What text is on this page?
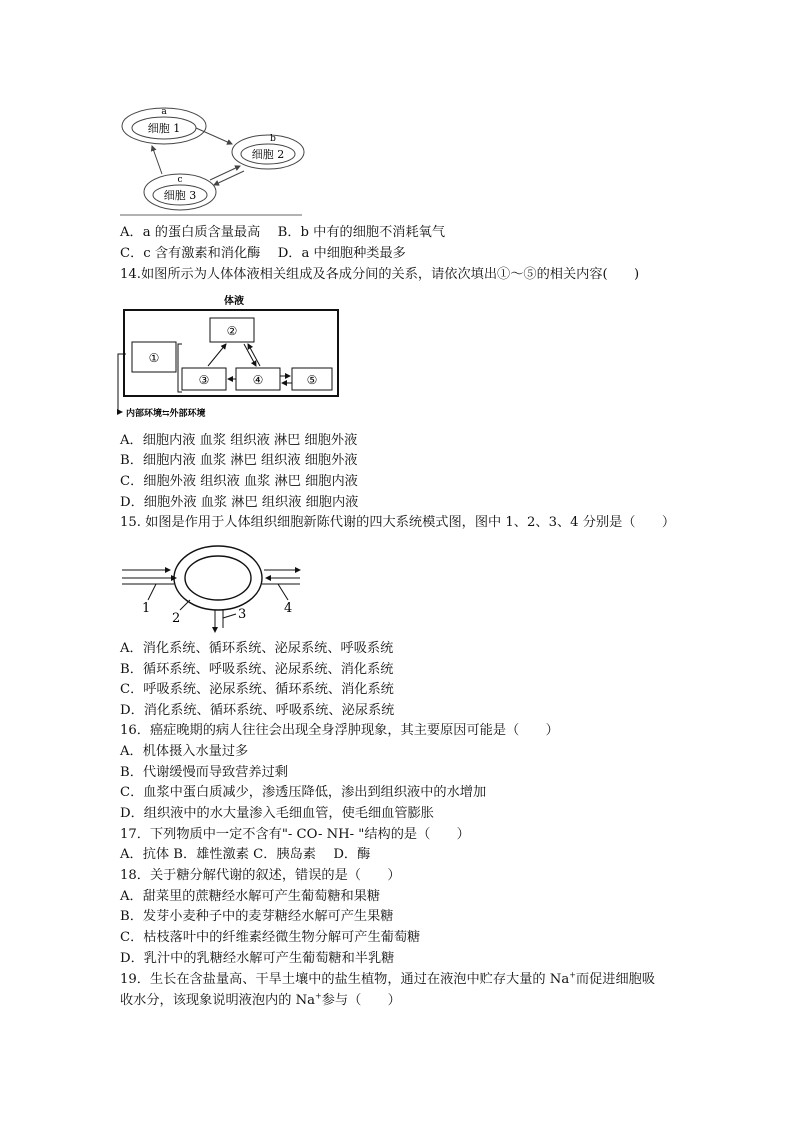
a
细胞 1
b
细胞 2
c
细胞 3
A．a 的蛋白质含量最高　 B．b 中有的细胞不消耗氧气
C．c 含有激素和消化酶　 D．a 中细胞种类最多
14.如图所示为人体体液相关组成及各成分间的关系，请依次填出①～⑤的相关内容(　　)
体液
①
②
③	④	⑤
内部环境⇆外部环境
A．细胞内液 血浆 组织液 淋巴 细胞外液
B．细胞内液 血浆 淋巴 组织液 细胞外液
C．细胞外液 组织液 血浆 淋巴 细胞内液
D．细胞外液 血浆 淋巴 组织液 细胞内液
15. 如图是作用于人体组织细胞新陈代谢的四大系统模式图，图中 1、2、3、4 分别是（　　）
1
2	3	4
A．消化系统、循环系统、泌尿系统、呼吸系统
B．循环系统、呼吸系统、泌尿系统、消化系统
C．呼吸系统、泌尿系统、循环系统、消化系统
D．消化系统、循环系统、呼吸系统、泌尿系统
16．癌症晚期的病人往往会出现全身浮肿现象，其主要原因可能是（　　）
A．机体摄入水量过多
B．代谢缓慢而导致营养过剩
C．血浆中蛋白质减少，渗透压降低，渗出到组织液中的水增加
D．组织液中的水大量渗入毛细血管，使毛细血管膨胀
17．下列物质中一定不含有"- CO- NH- "结构的是（　　）
A．抗体 B．雄性激素 C．胰岛素　 D．酶
18．关于糖分解代谢的叙述，错误的是（　　）
A．甜菜里的蔗糖经水解可产生葡萄糖和果糖
B．发芽小麦种子中的麦芽糖经水解可产生果糖
C．枯枝落叶中的纤维素经微生物分解可产生葡萄糖
D．乳汁中的乳糖经水解可产生葡萄糖和半乳糖
19．生长在含盐量高、干旱土壤中的盐生植物，通过在液泡中贮存大量的 Na+而促进细胞吸
收水分，该现象说明液泡内的 Na+参与（　　）
